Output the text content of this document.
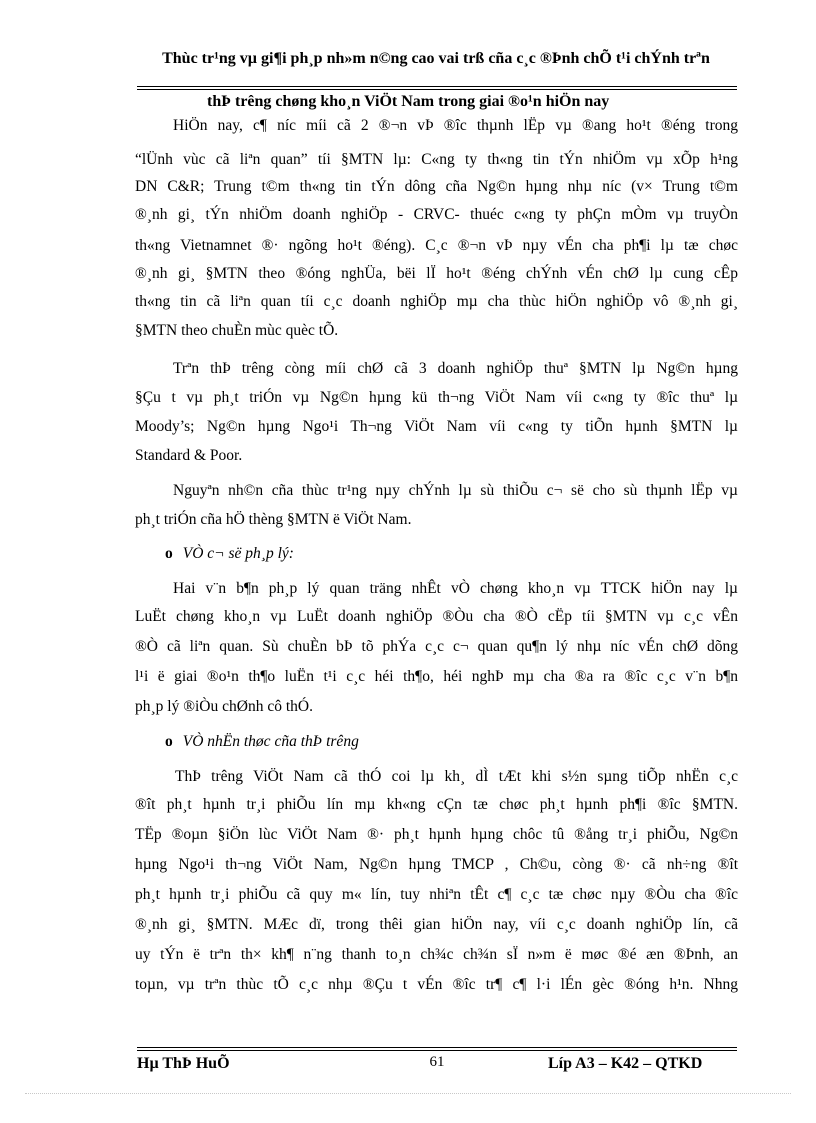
Thùc tr¹ng vµ gi¶i ph¸p nh»m n©ng cao vai trß cña c¸c ®Þnh chÕ t¹i chÝnh trªn
thÞ trêng chøng kho¸n ViÖt Nam trong giai ®o¹n hiÖn nay
HiÖn nay, c¶ níc míi cã 2 ®¬n vÞ ®îc thµnh lËp vµ ®ang ho¹t ®éng trong
“lÜnh vùc cã liªn quan” tíi §MTN lµ: C«ng ty th«ng tin tÝn nhiÖm vµ xÕp h¹ng
DN C&R; Trung t©m th«ng tin tÝn dông cña Ng©n hµng nhµ níc (v× Trung t©m
®¸nh gi¸ tÝn nhiÖm doanh nghiÖp - CRVC- thuéc c«ng ty phÇn mÒm vµ truyÒn
th«ng Vietnamnet ®· ngõng ho¹t ®éng). C¸c ®¬n vÞ nµy vÉn cha ph¶i lµ tæ chøc
®¸nh gi¸ §MTN theo ®óng nghÜa, bëi lÏ ho¹t ®éng chÝnh vÉn chØ lµ cung cÊp
th«ng tin cã liªn quan tíi c¸c doanh nghiÖp mµ cha thùc hiÖn nghiÖp vô ®¸nh gi¸
§MTN theo chuÈn mùc quèc tÕ.
Trªn thÞ trêng còng míi chØ cã 3 doanh nghiÖp thuª §MTN lµ Ng©n hµng
§Çu t vµ ph¸t triÓn vµ Ng©n hµng kü th¬ng ViÖt Nam víi c«ng ty ®îc thuª lµ
Moody’s; Ng©n hµng Ngo¹i Th¬ng ViÖt Nam víi c«ng ty tiÕn hµnh §MTN lµ
Standard & Poor.
Nguyªn nh©n cña thùc tr¹ng nµy chÝnh lµ sù thiÕu c¬ së cho sù thµnh lËp vµ
ph¸t triÓn cña hÖ thèng §MTN ë ViÖt Nam.
o VÒ c¬ së ph¸p lý:
Hai v¨n b¶n ph¸p lý quan träng nhÊt vÒ chøng kho¸n vµ TTCK hiÖn nay lµ
LuËt chøng kho¸n vµ LuËt doanh nghiÖp ®Òu cha ®Ò cËp tíi §MTN vµ c¸c vÊn
®Ò cã liªn quan. Sù chuÈn bÞ tõ phÝa c¸c c¬ quan qu¶n lý nhµ níc vÉn chØ dõng
l¹i ë giai ®o¹n th¶o luËn t¹i c¸c héi th¶o, héi nghÞ mµ cha ®a ra ®îc c¸c v¨n b¶n
ph¸p lý ®iÒu chØnh cô thÓ.
o VÒ nhËn thøc cña thÞ trêng
ThÞ trêng ViÖt Nam cã thÓ coi lµ kh¸ dÌ tÆt khi s½n sµng tiÕp nhËn c¸c
®ît ph¸t hµnh tr¸i phiÕu lín mµ kh«ng cÇn tæ chøc ph¸t hµnh ph¶i ®îc §MTN.
TËp ®oµn §iÖn lùc ViÖt Nam ®· ph¸t hµnh hµng chôc tû ®ång tr¸i phiÕu, Ng©n
hµng Ngo¹i th¬ng ViÖt Nam, Ng©n hµng TMCP , Ch©u, còng ®· cã nh÷ng ®ît
ph¸t hµnh tr¸i phiÕu cã quy m« lín, tuy nhiªn tÊt c¶ c¸c tæ chøc nµy ®Òu cha ®îc
®¸nh gi¸ §MTN. MÆc dï, trong thêi gian hiÖn nay, víi c¸c doanh nghiÖp lín, cã
uy tÝn ë trªn th× kh¶ n¨ng thanh to¸n ch¾c ch¾n sÏ n»m ë møc ®é æn ®Þnh, an
toµn, vµ trªn thùc tÕ c¸c nhµ ®Çu t vÉn ®îc tr¶ c¶ l·i lÉn gèc ®óng h¹n. Nhng
Hµ ThÞ HuÕ	61	Líp A3 – K42 – QTKD
